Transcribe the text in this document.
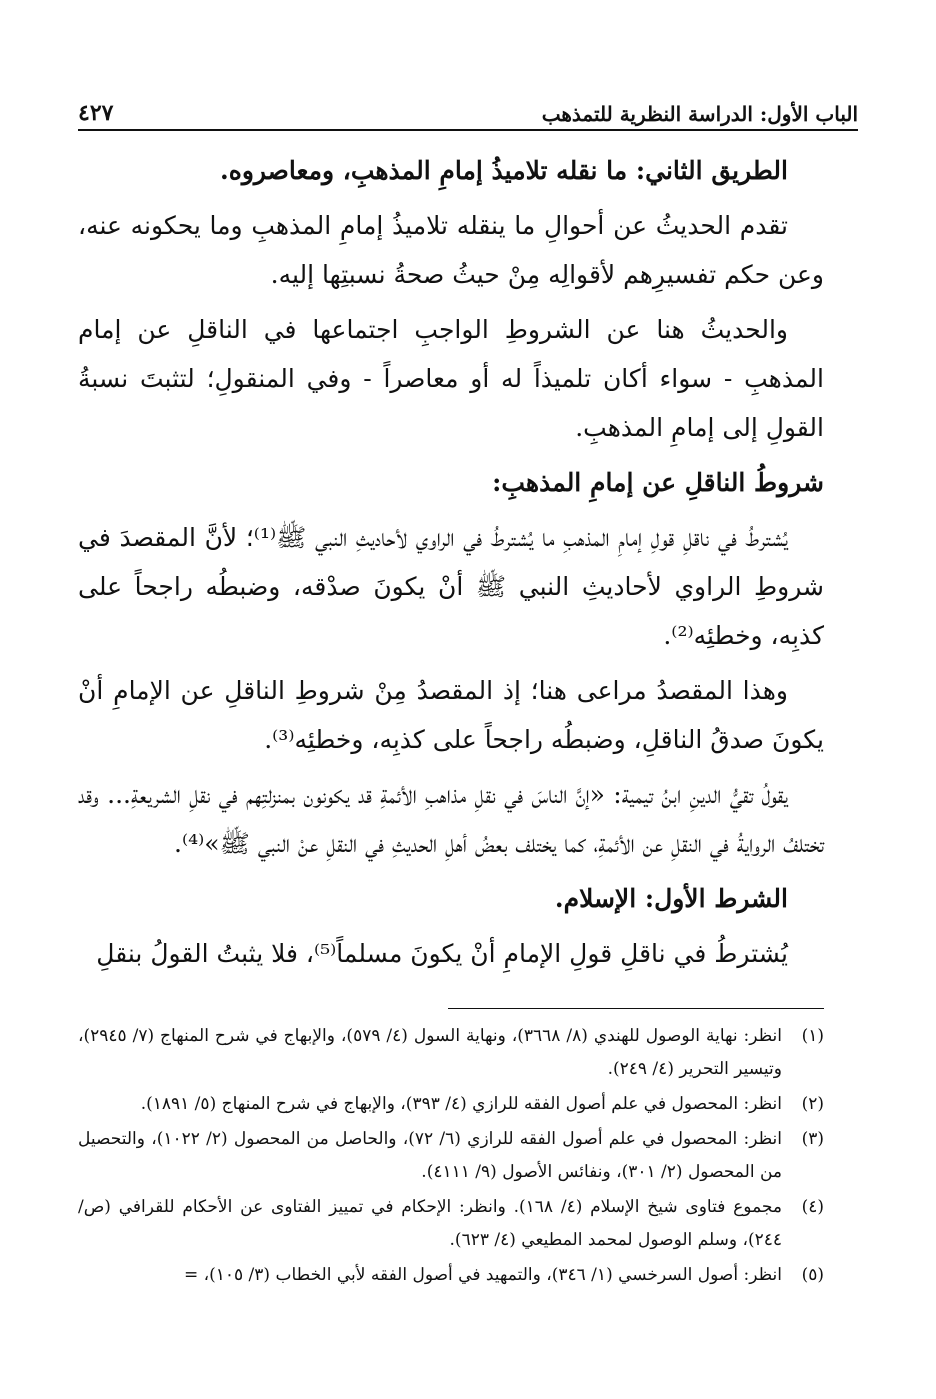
٤٢٧	الباب الأول: الدراسة النظرية للتمذهب

الطريق الثاني: ما نقله تلاميذُ إمامِ المذهبِ، ومعاصروه.

تقدم الحديثُ عن أحوالِ ما ينقله تلاميذُ إمامِ المذهبِ وما يحكونه عنه، وعن حكم تفسيرِهم لأقوالِه مِنْ حيثُ صحةُ نسبتِها إليه.

والحديثُ هنا عن الشروطِ الواجبِ اجتماعها في الناقلِ عن إمام المذهبِ - سواء أكان تلميذاً له أو معاصراً - وفي المنقولِ؛ لتثبتَ نسبةُ القولِ إلى إمامِ المذهبِ.

شروطُ الناقلِ عن إمامِ المذهبِ:

يُشترطُ في ناقلِ قولِ إمامِ المذهبِ ما يُشترطُ في الراوي لأحاديثِ النبي ﷺ⁽¹⁾؛ لأنَّ المقصدَ في شروطِ الراوي لأحاديثِ النبي ﷺ أنْ يكونَ صدْقه، وضبطُه راجحاً على كذبِه، وخطئِه⁽²⁾.

وهذا المقصدُ مراعى هنا؛ إذ المقصدُ مِنْ شروطِ الناقلِ عن الإمامِ أنْ يكونَ صدقُ الناقلِ، وضبطُه راجحاً على كذبِه، وخطئِه⁽³⁾.

يقولُ تقيُّ الدينِ ابنُ تيمية: «إنَّ الناسَ في نقلِ مذاهبِ الأئمةِ قد يكونون بمنزلتِهم في نقلِ الشريعةِ... وقد تختلفُ الروايةُ في النقلِ عن الأئمةِ، كما يختلف بعضُ أهلِ الحديثِ في النقلِ عنْ النبي ﷺ»⁽⁴⁾.

الشرط الأول: الإسلام.

يُشترطُ في ناقلِ قولِ الإمامِ أنْ يكونَ مسلماً⁽⁵⁾، فلا يثبتُ القولُ بنقلِ

(١)
انظر: نهاية الوصول للهندي (٨/ ٣٦٦٨)، ونهاية السول (٤/ ٥٧٩)، والإبهاج في شرح المنهاج (٧/ ٢٩٤٥)، وتيسير التحرير (٤/ ٢٤٩).
(٢)
انظر: المحصول في علم أصول الفقه للرازي (٤/ ٣٩٣)، والإبهاج في شرح المنهاج (٥/ ١٨٩١).
(٣)
انظر: المحصول في علم أصول الفقه للرازي (٦/ ٧٢)، والحاصل من المحصول (٢/ ١٠٢٢)، والتحصيل من المحصول (٢/ ٣٠١)، ونفائس الأصول (٩/ ٤١١١).
(٤)
مجموع فتاوى شيخ الإسلام (٤/ ١٦٨). وانظر: الإحكام في تمييز الفتاوى عن الأحكام للقرافي (ص/ ٢٤٤)، وسلم الوصول لمحمد المطيعي (٤/ ٦٢٣).
(٥)
انظر: أصول السرخسي (١/ ٣٤٦)، والتمهيد في أصول الفقه لأبي الخطاب (٣/ ١٠٥)، =
